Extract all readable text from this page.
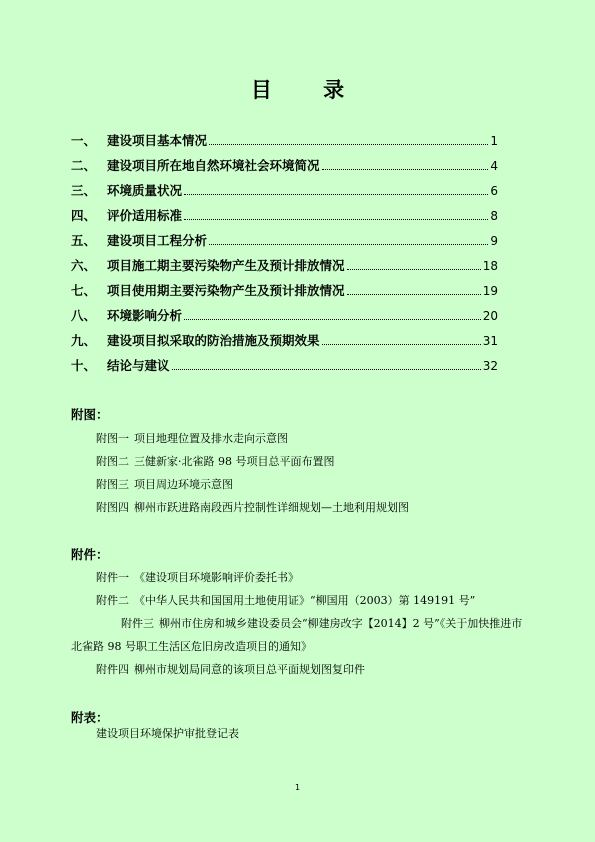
目 录
一、 建设项目基本情况	1
二、 建设项目所在地自然环境社会环境简况	4
三、 环境质量状况	6
四、 评价适用标准	8
五、 建设项目工程分析	9
六、 项目施工期主要污染物产生及预计排放情况	18
七、 项目使用期主要污染物产生及预计排放情况	19
八、 环境影响分析	20
九、 建设项目拟采取的防治措施及预期效果	31
十、 结论与建议	32
附图：
附图一 项目地理位置及排水走向示意图
附图二 三健新家·北雀路 98 号项目总平面布置图
附图三 项目周边环境示意图
附图四 柳州市跃进路南段西片控制性详细规划—土地利用规划图
附件：
附件一 《建设项目环境影响评价委托书》
附件二 《中华人民共和国国用土地使用证》“柳国用（2003）第 149191 号”
附件三 柳州市住房和城乡建设委员会“柳建房改字【2014】2 号”《关于加快推进市北雀路 98 号职工生活区危旧房改造项目的通知》
附件四 柳州市规划局同意的该项目总平面规划图复印件
附表：
建设项目环境保护审批登记表
1
